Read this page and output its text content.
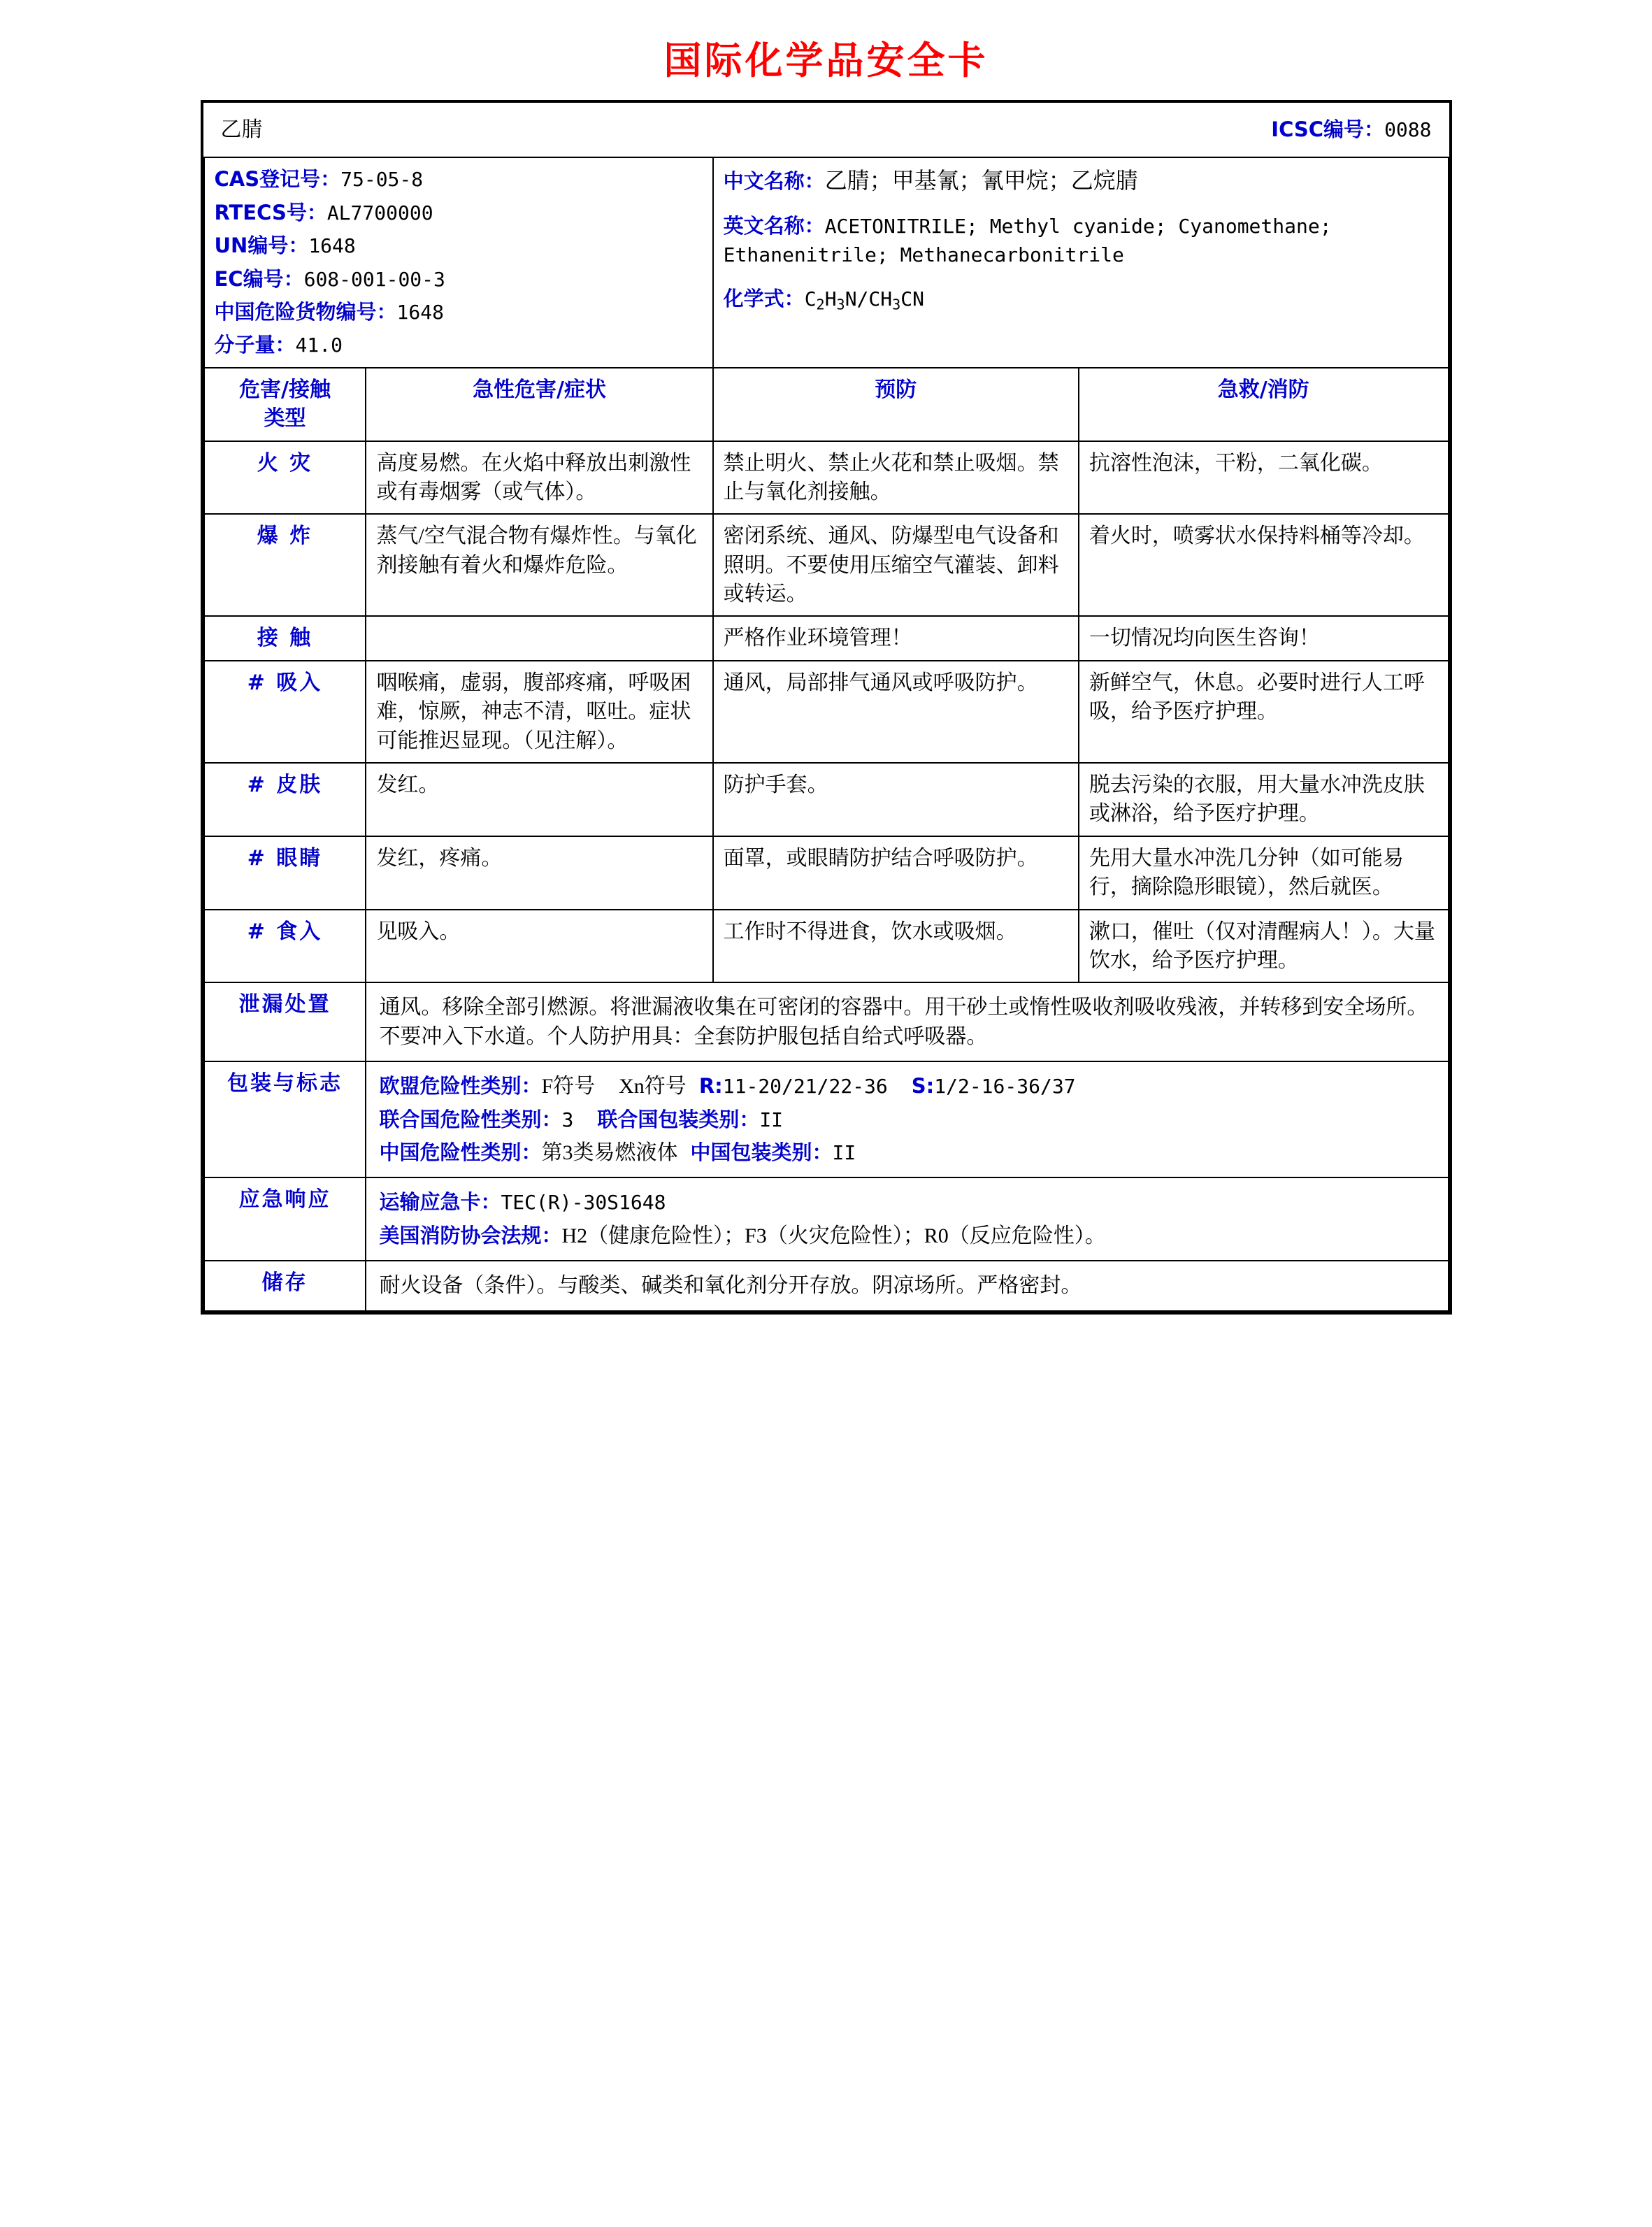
国际化学品安全卡
乙腈		ICSC编号：0088	

CAS登记号：75-05-8
RTECS号：AL7700000
UN编号：1648
EC编号：608-001-00-3
中国危险货物编号：1648
分子量：41.0

中文名称：乙腈；甲基氰；氰甲烷；乙烷腈
英文名称：ACETONITRILE; Methyl cyanide; Cyanomethane; Ethanenitrile; Methanecarbonitrile
化学式：$C_2H_3N/CH_3CN$

危害/接触
类型	急性危害/症状	预防	急救/消防
火 灾	高度易燃。在火焰中释放出刺激性或有毒烟雾（或气体）。	禁止明火、禁止火花和禁止吸烟。禁止与氧化剂接触。	抗溶性泡沫，干粉，二氧化碳。
爆 炸	蒸气/空气混合物有爆炸性。与氧化剂接触有着火和爆炸危险。	密闭系统、通风、防爆型电气设备和照明。不要使用压缩空气灌装、卸料或转运。	着火时，喷雾状水保持料桶等冷却。
接 触		严格作业环境管理！	一切情况均向医生咨询！
# 吸入	咽喉痛，虚弱，腹部疼痛，呼吸困难，惊厥，神志不清，呕吐。症状可能推迟显现。（见注解）。	通风，局部排气通风或呼吸防护。	新鲜空气，休息。必要时进行人工呼吸，给予医疗护理。
# 皮肤	发红。	防护手套。	脱去污染的衣服，用大量水冲洗皮肤或淋浴，给予医疗护理。
# 眼睛	发红，疼痛。	面罩，或眼睛防护结合呼吸防护。	先用大量水冲洗几分钟（如可能易行，摘除隐形眼镜），然后就医。
# 食入	见吸入。	工作时不得进食，饮水或吸烟。	漱口，催吐（仅对清醒病人！）。大量饮水，给予医疗护理。
泄漏处置	通风。移除全部引燃源。将泄漏液收集在可密闭的容器中。用干砂土或惰性吸收剂吸收残液，并转移到安全场所。不要冲入下水道。个人防护用具：全套防护服包括自给式呼吸器。		
包装与标志	欧盟危险性类别：F符号 Xn符号 R:11-20/21/22-36 S:1/2-16-36/37
联合国危险性类别：3 联合国包装类别：II
中国危险性类别：第3类易燃液体 中国包装类别：II		

应急响应	运输应急卡：TEC(R)-30S1648
美国消防协会法规：H2（健康危险性）；F3（火灾危险性）；R0（反应危险性）。		

储存	耐火设备（条件）。与酸类、碱类和氧化剂分开存放。阴凉场所。严格密封。		
